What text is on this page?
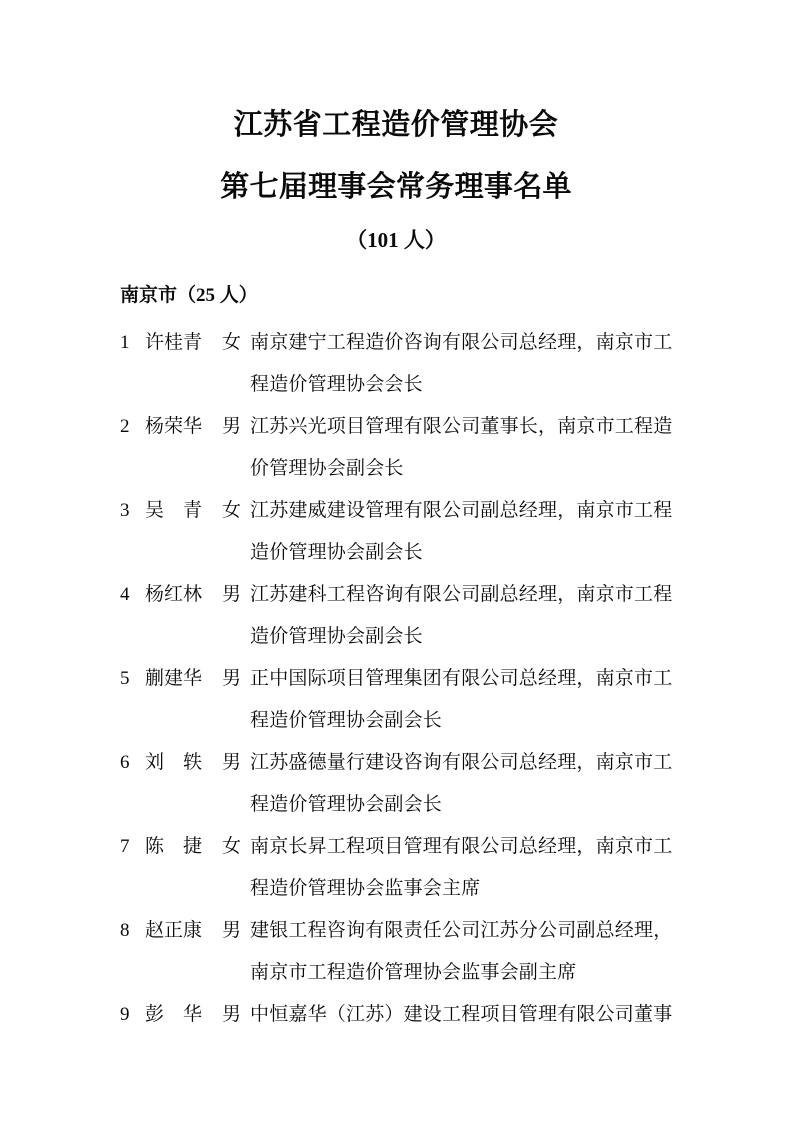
江苏省工程造价管理协会
第七届理事会常务理事名单

（101 人）

南京市（25 人）
1 许桂青 女 南京建宁工程造价咨询有限公司总经理，南京市工
程造价管理协会会长
2 杨荣华 男 江苏兴光项目管理有限公司董事长，南京市工程造
价管理协会副会长
3 吴　青 女 江苏建威建设管理有限公司副总经理，南京市工程
造价管理协会副会长
4 杨红林 男 江苏建科工程咨询有限公司副总经理，南京市工程
造价管理协会副会长
5 蒯建华 男 正中国际项目管理集团有限公司总经理，南京市工
程造价管理协会副会长
6 刘　轶 男 江苏盛德量行建设咨询有限公司总经理，南京市工
程造价管理协会副会长
7 陈　捷 女 南京长昇工程项目管理有限公司总经理，南京市工
程造价管理协会监事会主席
8 赵正康 男 建银工程咨询有限责任公司江苏分公司副总经理，
南京市工程造价管理协会监事会副主席
9 彭　华 男 中恒嘉华（江苏）建设工程项目管理有限公司董事
